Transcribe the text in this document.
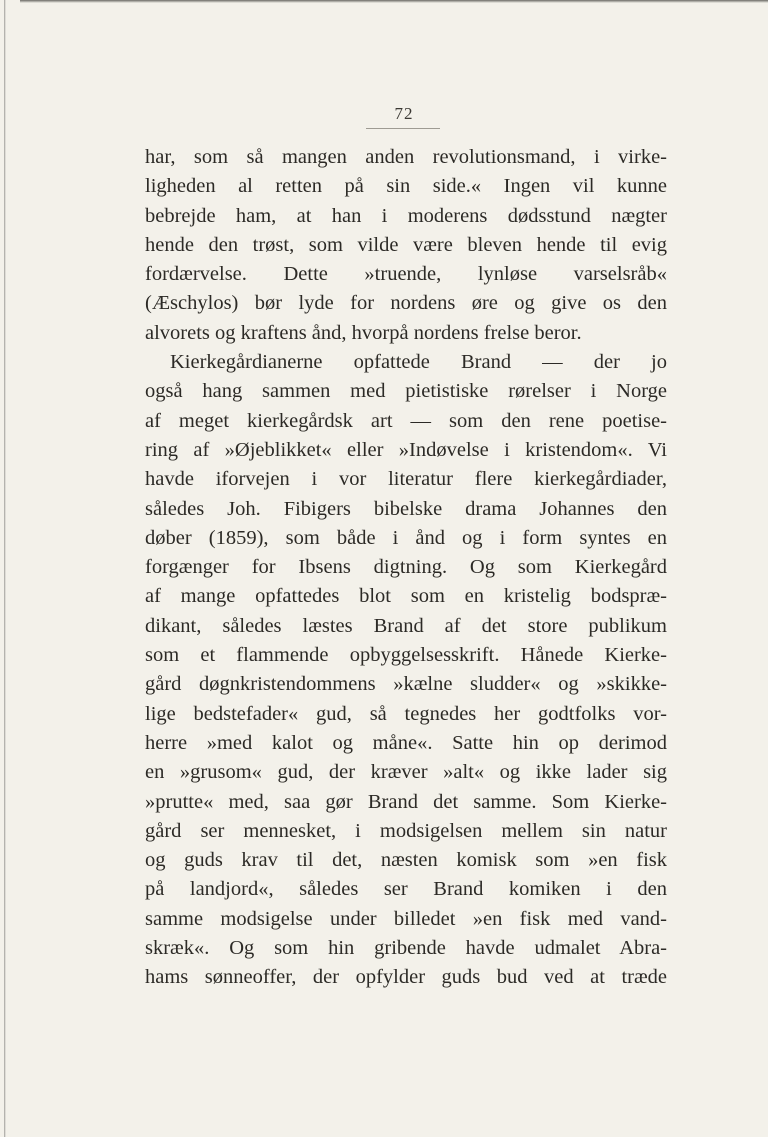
72
har, som så mangen anden revolutionsmand, i virke-
ligheden al retten på sin side.« Ingen vil kunne
bebrejde ham, at han i moderens dødsstund nægter
hende den trøst, som vilde være bleven hende til evig
fordærvelse. Dette »truende, lynløse varselsråb«
(Æschylos) bør lyde for nordens øre og give os den
alvorets og kraftens ånd, hvorpå nordens frelse beror.
Kierkegårdianerne opfattede Brand — der jo
også hang sammen med pietistiske rørelser i Norge
af meget kierkegårdsk art — som den rene poetise-
ring af »Øjeblikket« eller »Indøvelse i kristendom«. Vi
havde iforvejen i vor literatur flere kierkegårdiader,
således Joh. Fibigers bibelske drama Johannes den
døber (1859), som både i ånd og i form syntes en
forgænger for Ibsens digtning. Og som Kierkegård
af mange opfattedes blot som en kristelig bodspræ-
dikant, således læstes Brand af det store publikum
som et flammende opbyggelsesskrift. Hånede Kierke-
gård døgnkristendommens »kælne sludder« og »skikke-
lige bedstefader« gud, så tegnedes her godtfolks vor-
herre »med kalot og måne«. Satte hin op derimod
en »grusom« gud, der kræver »alt« og ikke lader sig
»prutte« med, saa gør Brand det samme. Som Kierke-
gård ser mennesket, i modsigelsen mellem sin natur
og guds krav til det, næsten komisk som »en fisk
på landjord«, således ser Brand komiken i den
samme modsigelse under billedet »en fisk med vand-
skræk«. Og som hin gribende havde udmalet Abra-
hams sønneoffer, der opfylder guds bud ved at træde
